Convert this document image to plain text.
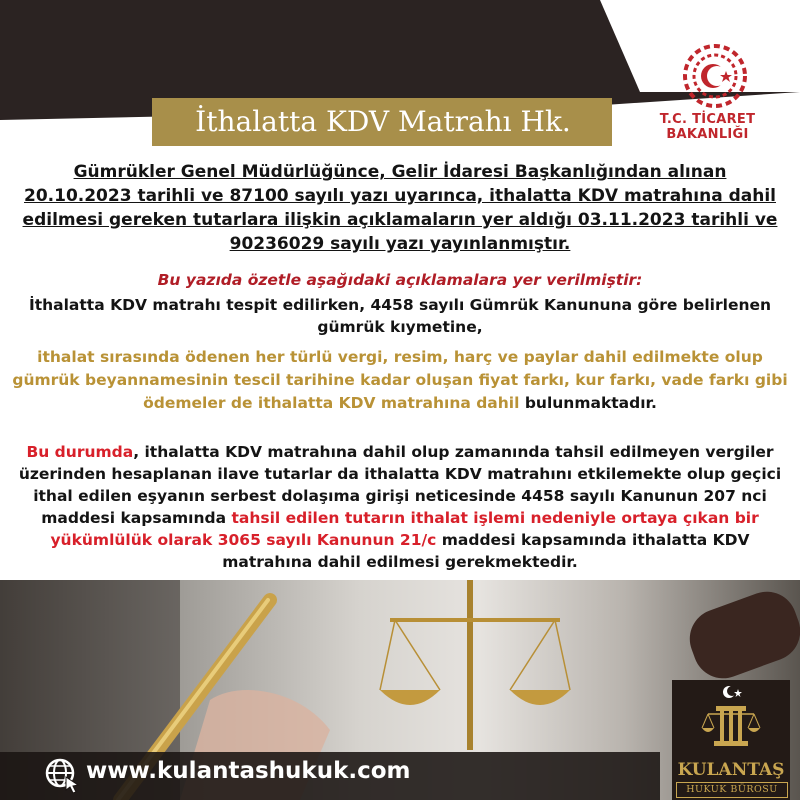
T.C. TİCARET BAKANLIĞI
İthalatta KDV Matrahı Hk.
Gümrükler Genel Müdürlüğünce, Gelir İdaresi Başkanlığından alınan 20.10.2023 tarihli ve 87100 sayılı yazı uyarınca, ithalatta KDV matrahına dahil edilmesi gereken tutarlara ilişkin açıklamaların yer aldığı 03.11.2023 tarihli ve 90236029 sayılı yazı yayınlanmıştır.
Bu yazıda özetle aşağıdaki açıklamalara yer verilmiştir:
İthalatta KDV matrahı tespit edilirken, 4458 sayılı Gümrük Kanununa göre belirlenen gümrük kıymetine,
ithalat sırasında ödenen her türlü vergi, resim, harç ve paylar dahil edilmekte olup gümrük beyannamesinin tescil tarihine kadar oluşan fiyat farkı, kur farkı, vade farkı gibi ödemeler de ithalatta KDV matrahına dahil bulunmaktadır.
Bu durumda, ithalatta KDV matrahına dahil olup zamanında tahsil edilmeyen vergiler üzerinden hesaplanan ilave tutarlar da ithalatta KDV matrahını etkilemekte olup geçici ithal edilen eşyanın serbest dolaşıma girişi neticesinde 4458 sayılı Kanunun 207 nci maddesi kapsamında tahsil edilen tutarın ithalat işlemi nedeniyle ortaya çıkan bir yükümlülük olarak 3065 sayılı Kanunun 21/c maddesi kapsamında ithalatta KDV matrahına dahil edilmesi gerekmektedir.
www.kulantashukuk.com	KULANTAŞ
HUKUK BÜROSU
